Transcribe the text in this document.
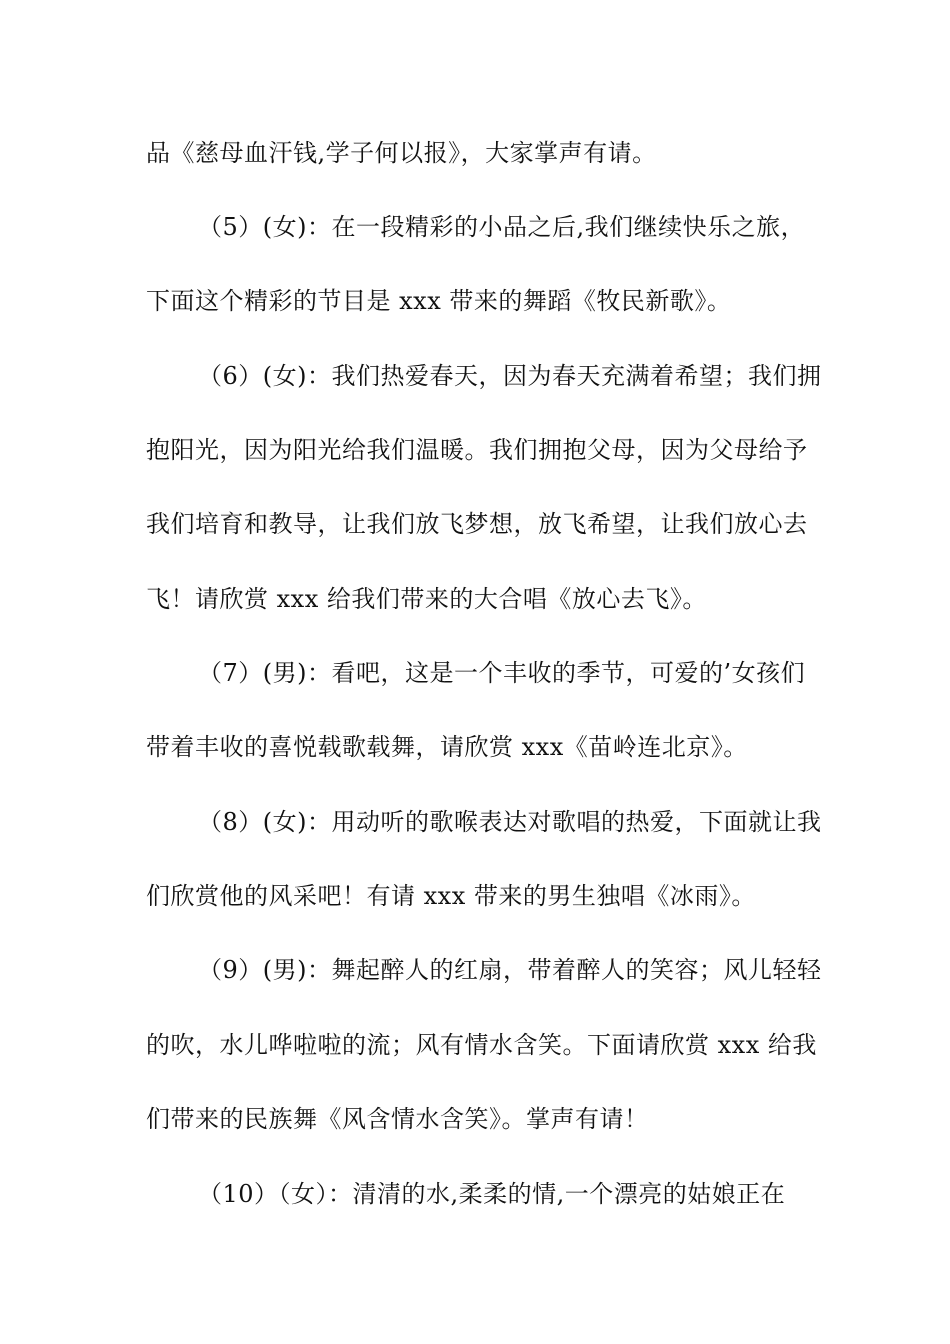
品《慈母血汗钱,学子何以报》，大家掌声有请。
（5）(女)：在一段精彩的小品之后,我们继续快乐之旅，
下面这个精彩的节目是 xxx 带来的舞蹈《牧民新歌》。
（6）(女)：我们热爱春天，因为春天充满着希望；我们拥
抱阳光，因为阳光给我们温暖。我们拥抱父母，因为父母给予
我们培育和教导，让我们放飞梦想，放飞希望，让我们放心去
飞！请欣赏 xxx 给我们带来的大合唱《放心去飞》。
（7）(男)：看吧，这是一个丰收的季节，可爱的’女孩们
带着丰收的喜悦载歌载舞，请欣赏 xxx《苗岭连北京》。
（8）(女)：用动听的歌喉表达对歌唱的热爱，下面就让我
们欣赏他的风采吧！有请 xxx 带来的男生独唱《冰雨》。
（9）(男)：舞起醉人的红扇，带着醉人的笑容；风儿轻轻
的吹，水儿哗啦啦的流；风有情水含笑。下面请欣赏 xxx 给我
们带来的民族舞《风含情水含笑》。掌声有请！
（10）（女）：清清的水,柔柔的情,一个漂亮的姑娘正在
